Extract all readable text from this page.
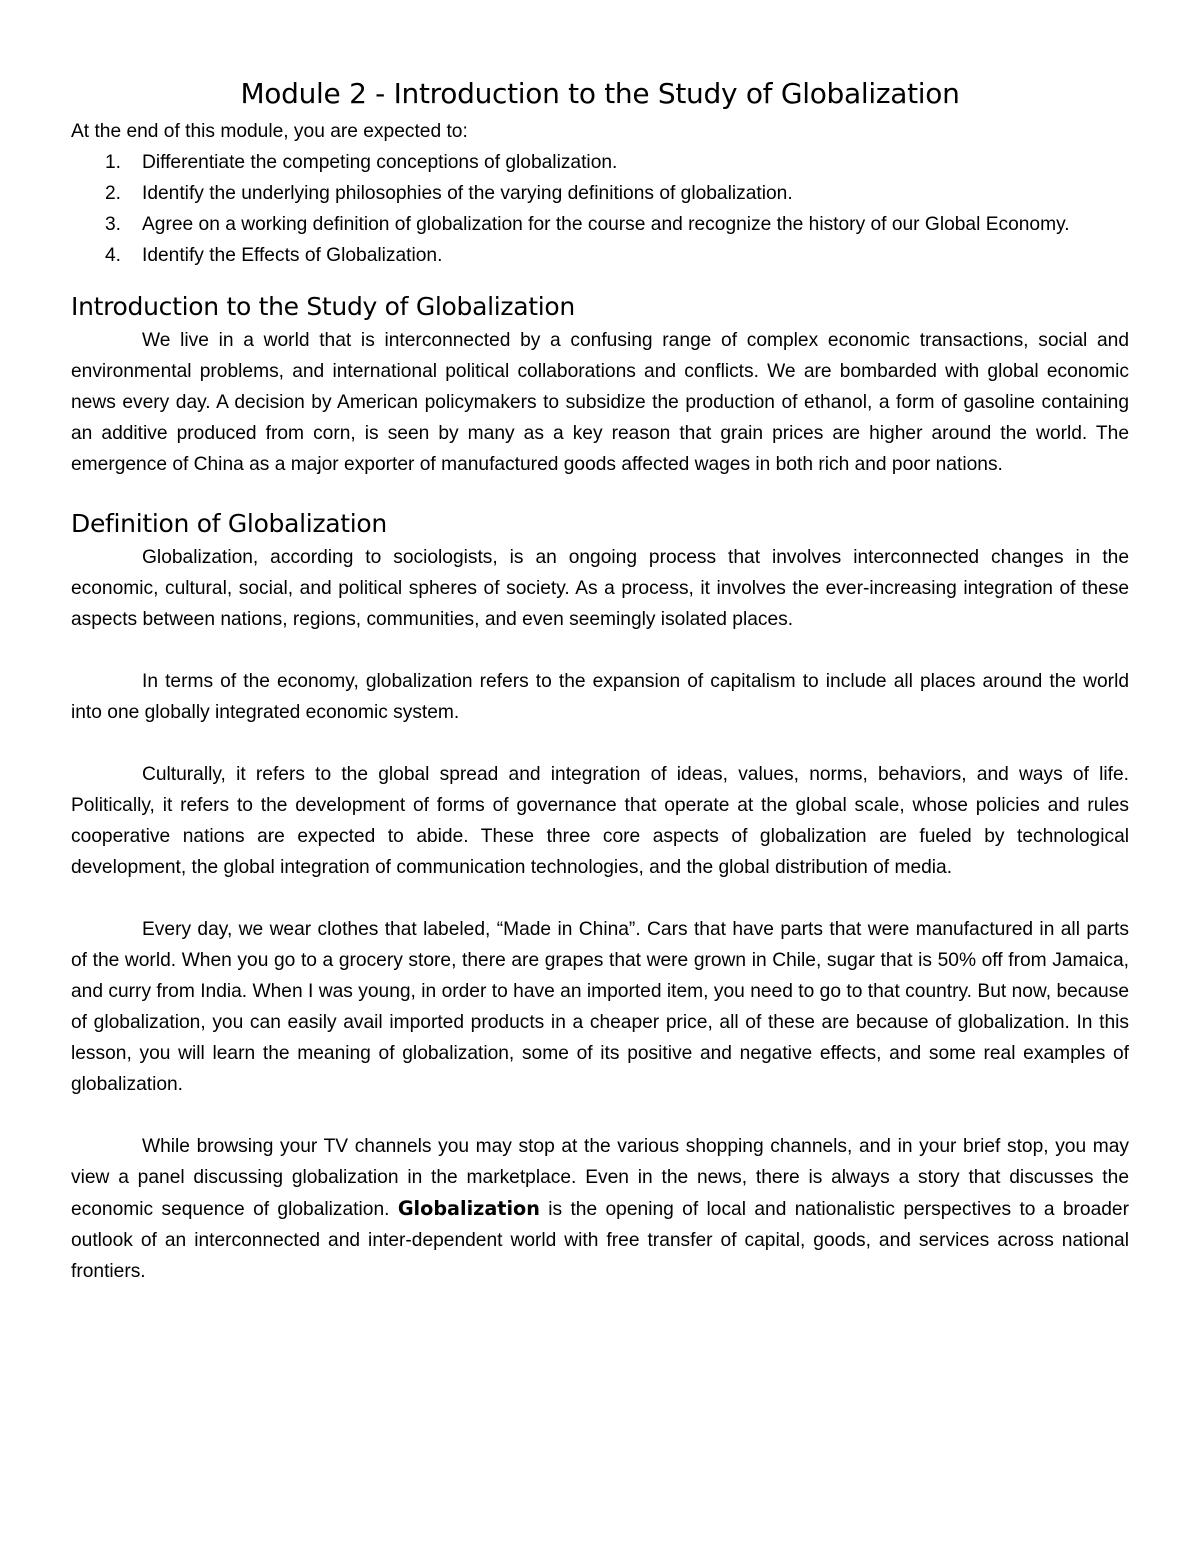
Module 2 - Introduction to the Study of Globalization

At the end of this module, you are expected to:

1. Differentiate the competing conceptions of globalization.
2. Identify the underlying philosophies of the varying definitions of globalization.
3. Agree on a working definition of globalization for the course and recognize the history of our Global Economy.
4. Identify the Effects of Globalization.
Introduction to the Study of Globalization

We live in a world that is interconnected by a confusing range of complex economic transactions, social and environmental problems, and international political collaborations and conflicts. We are bombarded with global economic news every day. A decision by American policymakers to subsidize the production of ethanol, a form of gasoline containing an additive produced from corn, is seen by many as a key reason that grain prices are higher around the world. The emergence of China as a major exporter of manufactured goods affected wages in both rich and poor nations.

Definition of Globalization

Globalization, according to sociologists, is an ongoing process that involves interconnected changes in the economic, cultural, social, and political spheres of society. As a process, it involves the ever-increasing integration of these aspects between nations, regions, communities, and even seemingly isolated places.

In terms of the economy, globalization refers to the expansion of capitalism to include all places around the world into one globally integrated economic system.

Culturally, it refers to the global spread and integration of ideas, values, norms, behaviors, and ways of life. Politically, it refers to the development of forms of governance that operate at the global scale, whose policies and rules cooperative nations are expected to abide. These three core aspects of globalization are fueled by technological development, the global integration of communication technologies, and the global distribution of media.

Every day, we wear clothes that labeled, “Made in China”. Cars that have parts that were manufactured in all parts of the world. When you go to a grocery store, there are grapes that were grown in Chile, sugar that is 50% off from Jamaica, and curry from India. When I was young, in order to have an imported item, you need to go to that country. But now, because of globalization, you can easily avail imported products in a cheaper price, all of these are because of globalization. In this lesson, you will learn the meaning of globalization, some of its positive and negative effects, and some real examples of globalization.

While browsing your TV channels you may stop at the various shopping channels, and in your brief stop, you may view a panel discussing globalization in the marketplace. Even in the news, there is always a story that discusses the economic sequence of globalization. Globalization is the opening of local and nationalistic perspectives to a broader outlook of an interconnected and inter-dependent world with free transfer of capital, goods, and services across national frontiers.
